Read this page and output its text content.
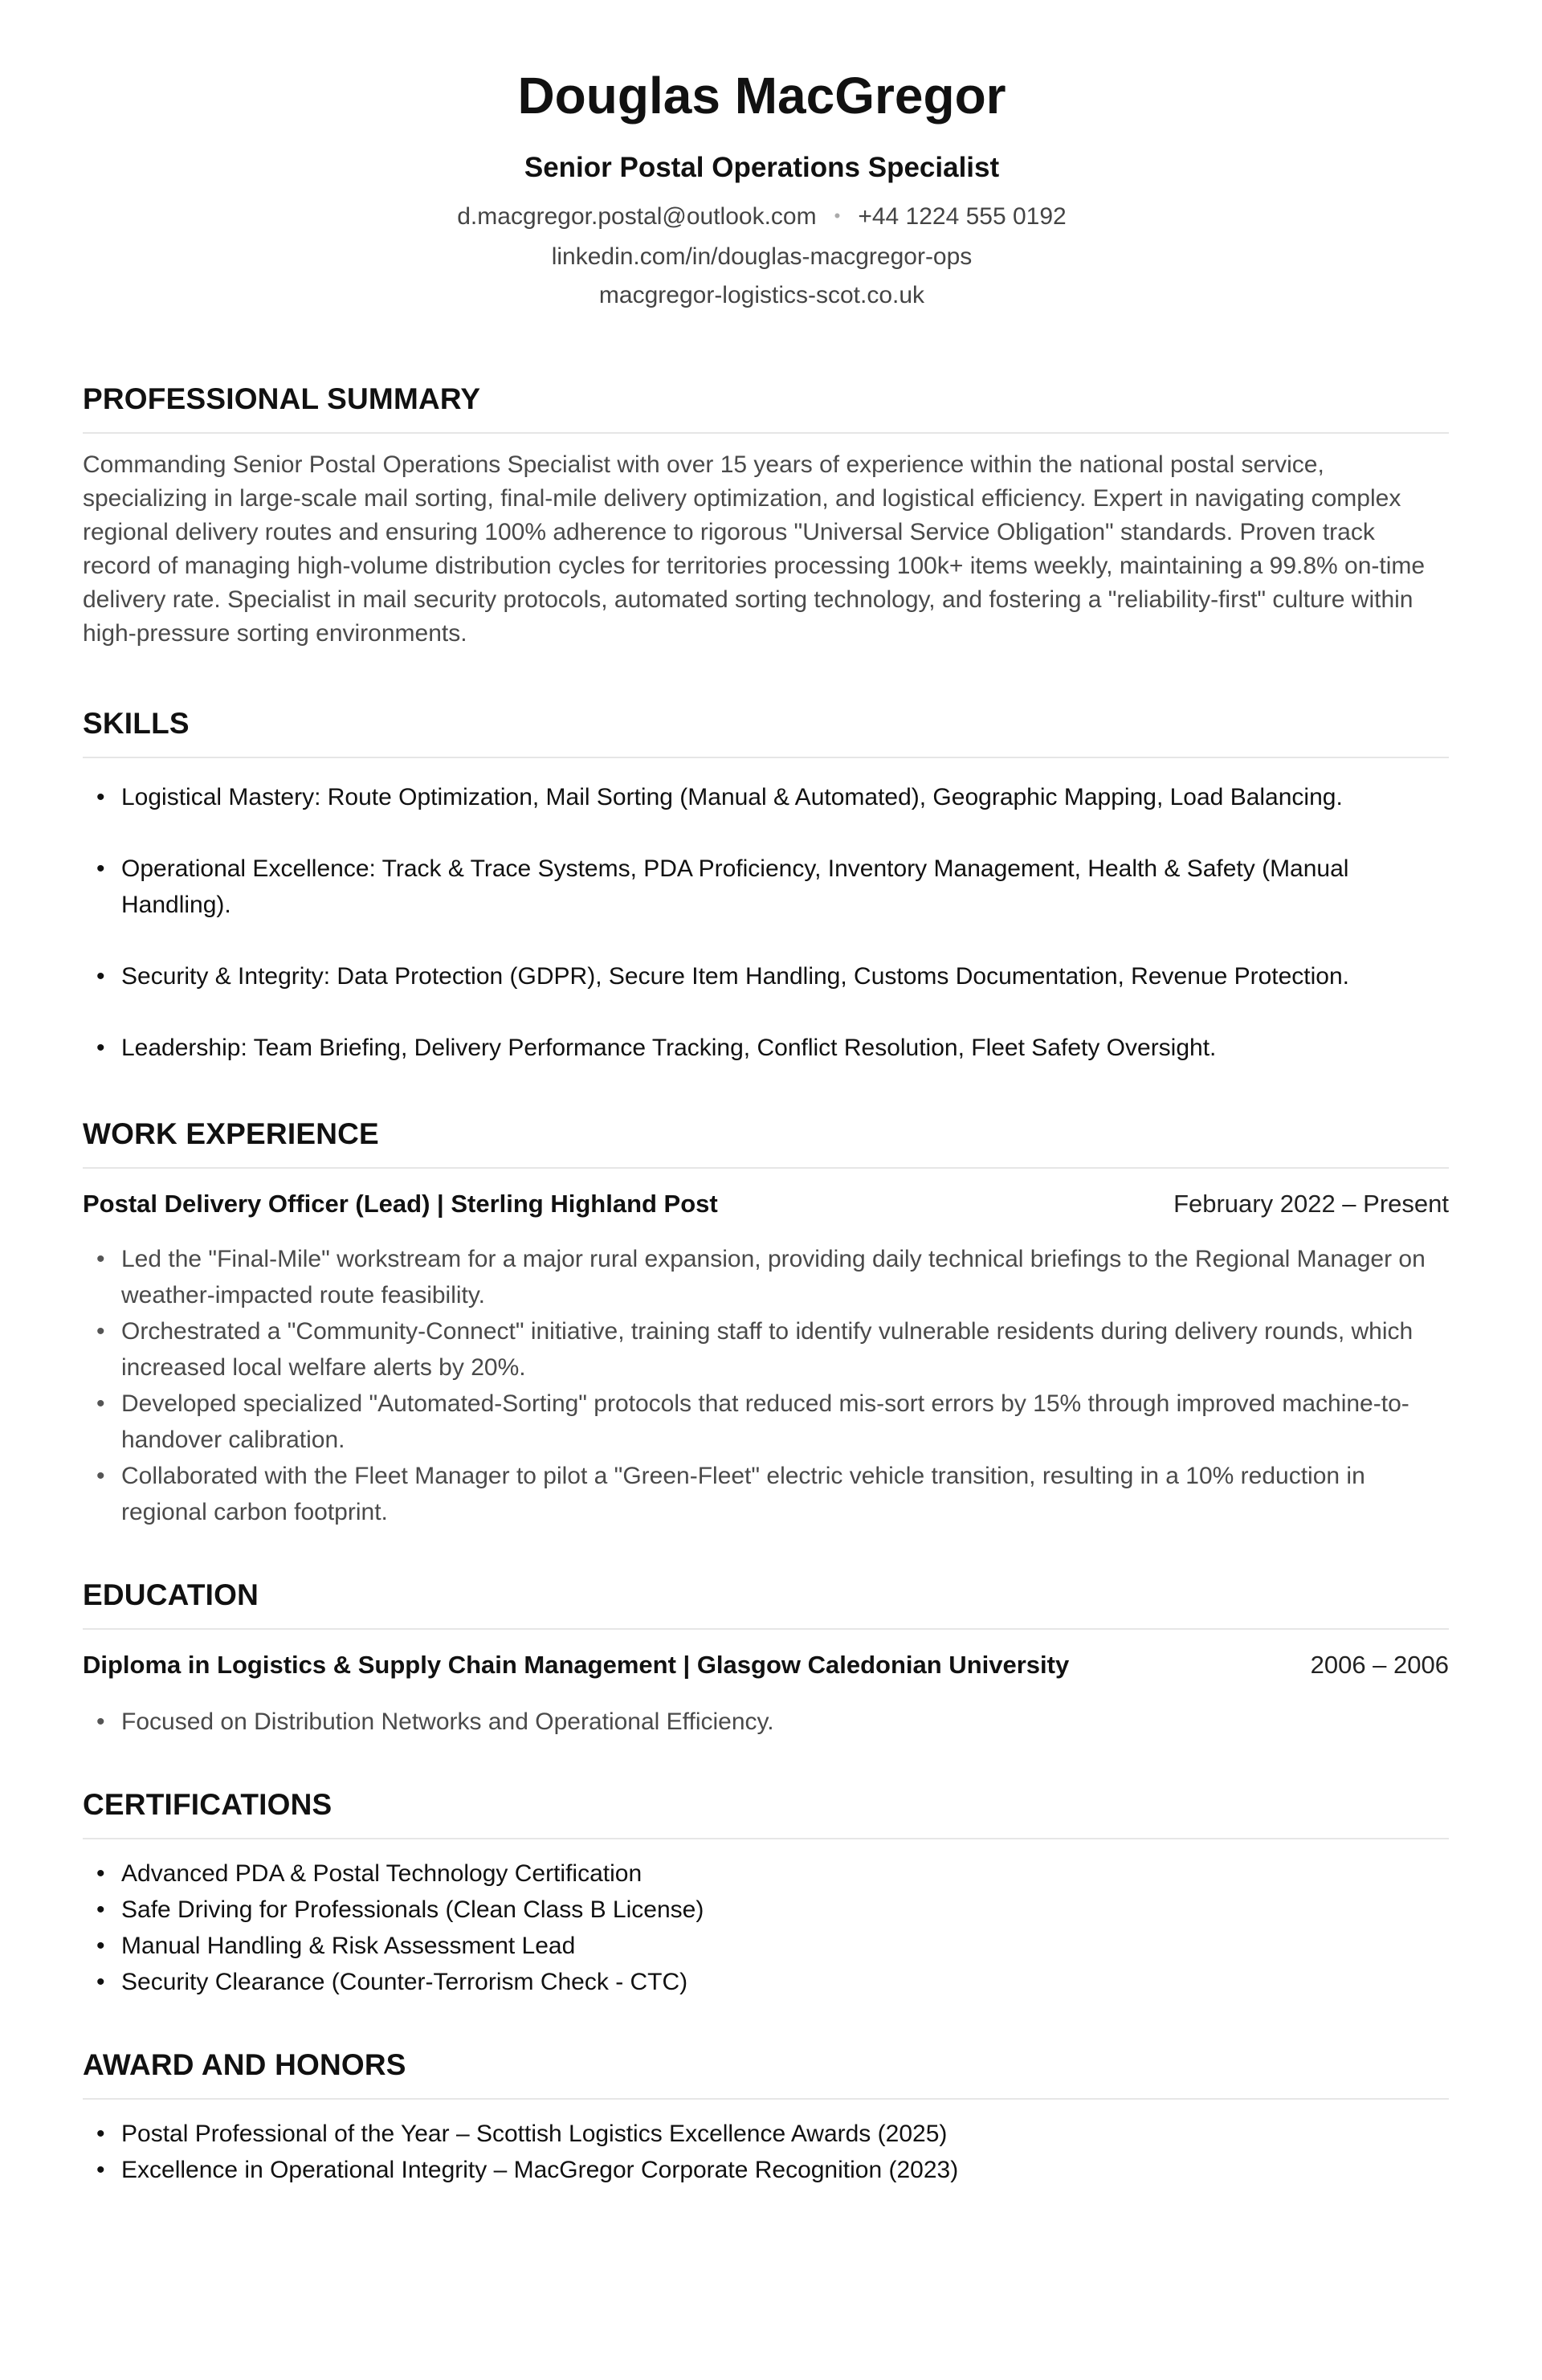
Douglas MacGregor
Senior Postal Operations Specialist
d.macgregor.postal@outlook.com • +44 1224 555 0192
linkedin.com/in/douglas-macgregor-ops
macgregor-logistics-scot.co.uk
PROFESSIONAL SUMMARY

Commanding Senior Postal Operations Specialist with over 15 years of experience within the national postal service, specializing in large-scale mail sorting, final-mile delivery optimization, and logistical efficiency. Expert in navigating complex regional delivery routes and ensuring 100% adherence to rigorous "Universal Service Obligation" standards. Proven track record of managing high-volume distribution cycles for territories processing 100k+ items weekly, maintaining a 99.8% on-time delivery rate. Specialist in mail security protocols, automated sorting technology, and fostering a "reliability-first" culture within high-pressure sorting environments.

SKILLS
• Logistical Mastery: Route Optimization, Mail Sorting (Manual & Automated), Geographic Mapping, Load Balancing.
• Operational Excellence: Track & Trace Systems, PDA Proficiency, Inventory Management, Health & Safety (Manual Handling).
• Security & Integrity: Data Protection (GDPR), Secure Item Handling, Customs Documentation, Revenue Protection.
• Leadership: Team Briefing, Delivery Performance Tracking, Conflict Resolution, Fleet Safety Oversight.
WORK EXPERIENCE
Postal Delivery Officer (Lead) | Sterling Highland Post	February 2022 – Present
• Led the "Final-Mile" workstream for a major rural expansion, providing daily technical briefings to the Regional Manager on weather-impacted route feasibility.
• Orchestrated a "Community-Connect" initiative, training staff to identify vulnerable residents during delivery rounds, which increased local welfare alerts by 20%.
• Developed specialized "Automated-Sorting" protocols that reduced mis-sort errors by 15% through improved machine-to-handover calibration.
• Collaborated with the Fleet Manager to pilot a "Green-Fleet" electric vehicle transition, resulting in a 10% reduction in regional carbon footprint.
EDUCATION
Diploma in Logistics & Supply Chain Management | Glasgow Caledonian University	2006 – 2006
• Focused on Distribution Networks and Operational Efficiency.
CERTIFICATIONS
• Advanced PDA & Postal Technology Certification
• Safe Driving for Professionals (Clean Class B License)
• Manual Handling & Risk Assessment Lead
• Security Clearance (Counter-Terrorism Check - CTC)
AWARD AND HONORS
• Postal Professional of the Year – Scottish Logistics Excellence Awards (2025)
• Excellence in Operational Integrity – MacGregor Corporate Recognition (2023)
